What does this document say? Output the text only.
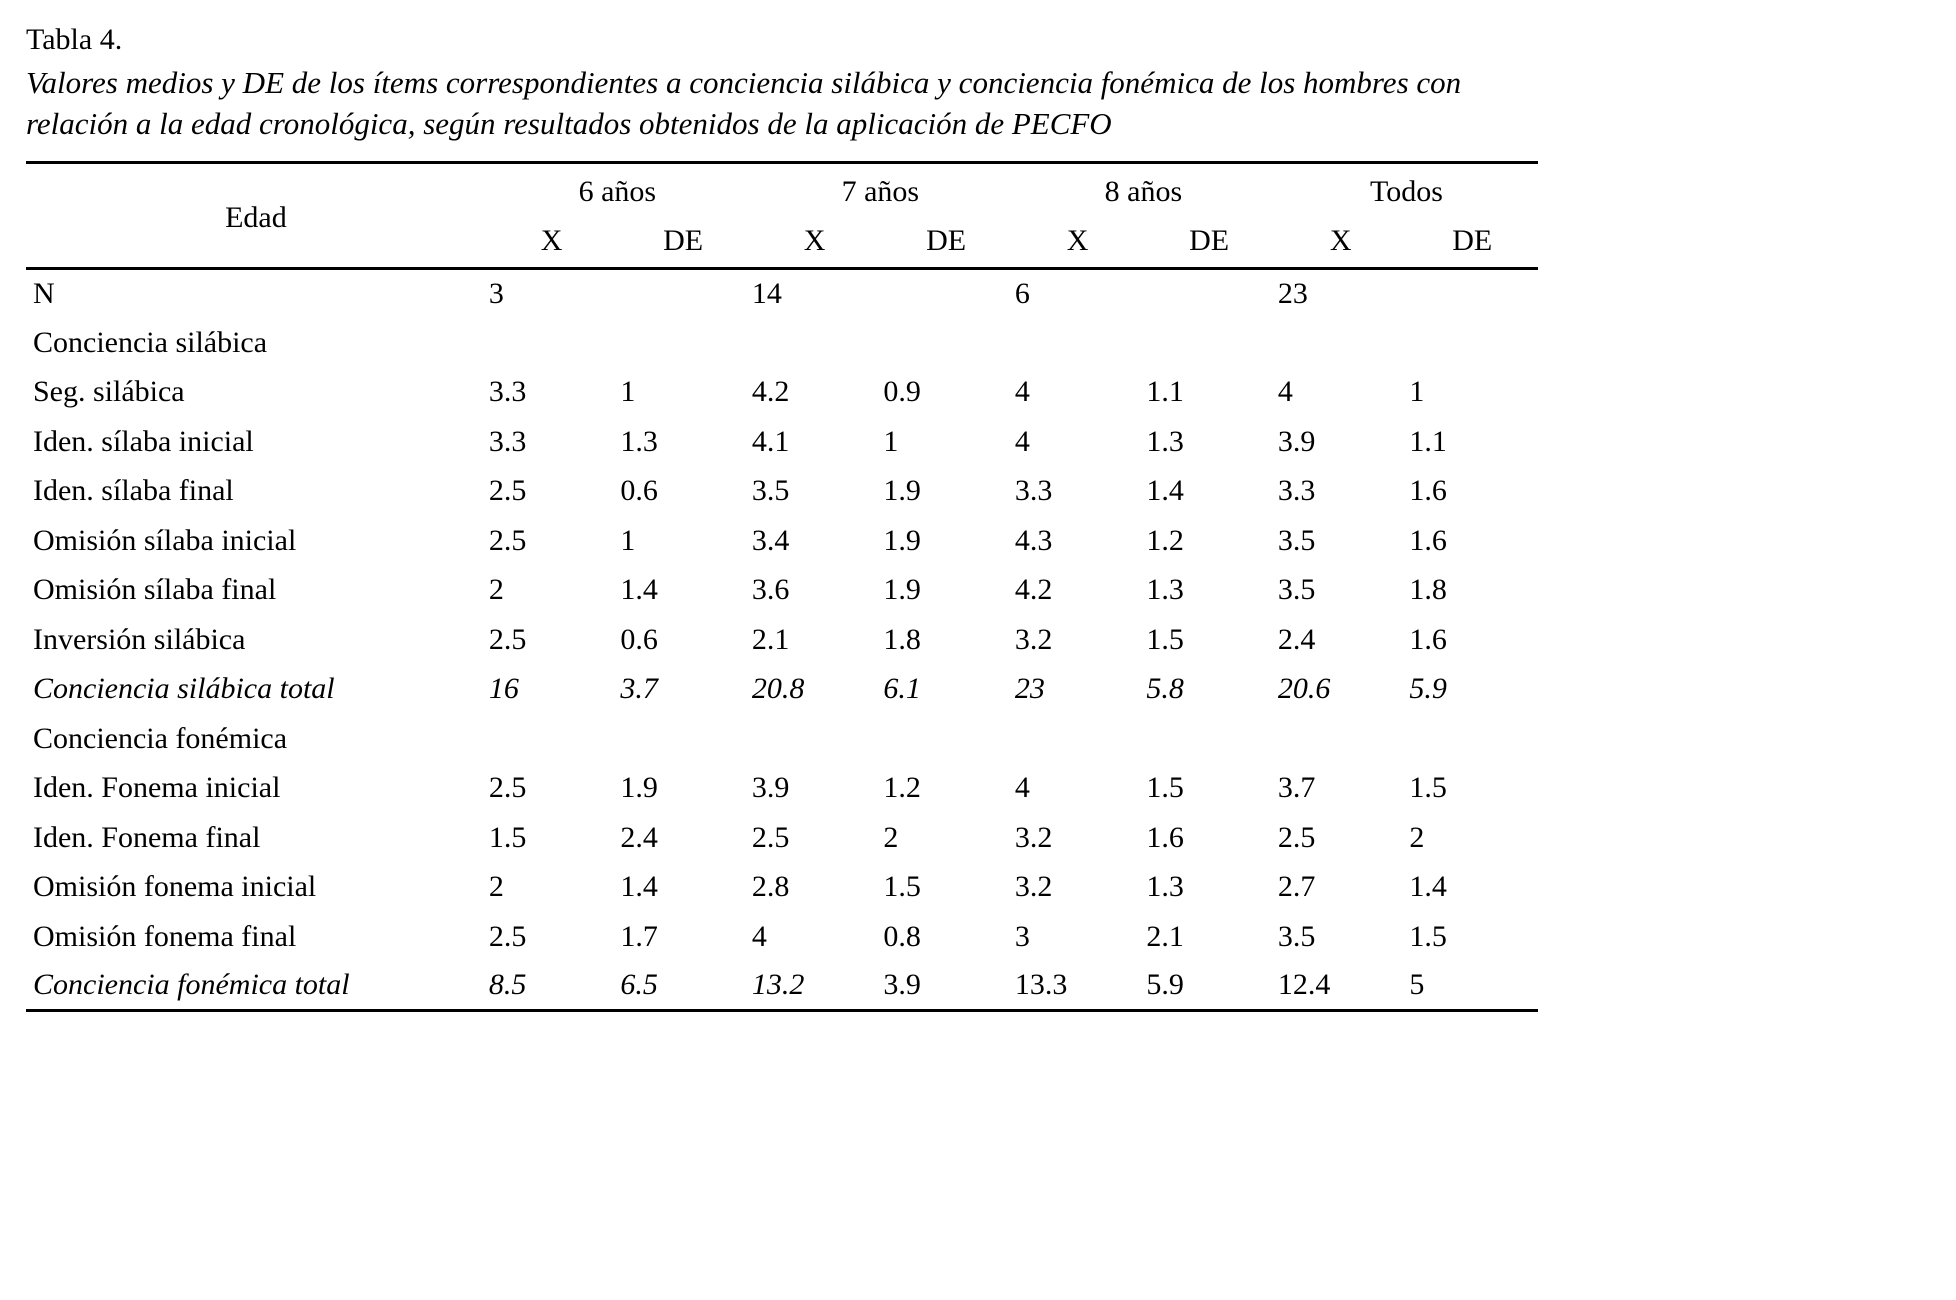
Tabla 4.
Valores medios y DE de los ítems correspondientes a conciencia silábica y conciencia fonémica de los hombres con relación a la edad cronológica, según resultados obtenidos de la aplicación de PECFO
Edad	6 años		7 años		8 años		Todos	
	X	DE	X	DE	X	DE	X	DE
N	3		14		6		23	
Conciencia silábica								
Seg. silábica	3.3	1	4.2	0.9	4	1.1	4	1
Iden. sílaba inicial	3.3	1.3	4.1	1	4	1.3	3.9	1.1
Iden. sílaba final	2.5	0.6	3.5	1.9	3.3	1.4	3.3	1.6
Omisión sílaba inicial	2.5	1	3.4	1.9	4.3	1.2	3.5	1.6
Omisión sílaba final	2	1.4	3.6	1.9	4.2	1.3	3.5	1.8
Inversión silábica	2.5	0.6	2.1	1.8	3.2	1.5	2.4	1.6
Conciencia silábica total	16	3.7	20.8	6.1	23	5.8	20.6	5.9
Conciencia fonémica								
Iden. Fonema inicial	2.5	1.9	3.9	1.2	4	1.5	3.7	1.5
Iden. Fonema final	1.5	2.4	2.5	2	3.2	1.6	2.5	2
Omisión fonema inicial	2	1.4	2.8	1.5	3.2	1.3	2.7	1.4
Omisión fonema final	2.5	1.7	4	0.8	3	2.1	3.5	1.5
Conciencia fonémica total	8.5	6.5	13.2	3.9	13.3	5.9	12.4	5
